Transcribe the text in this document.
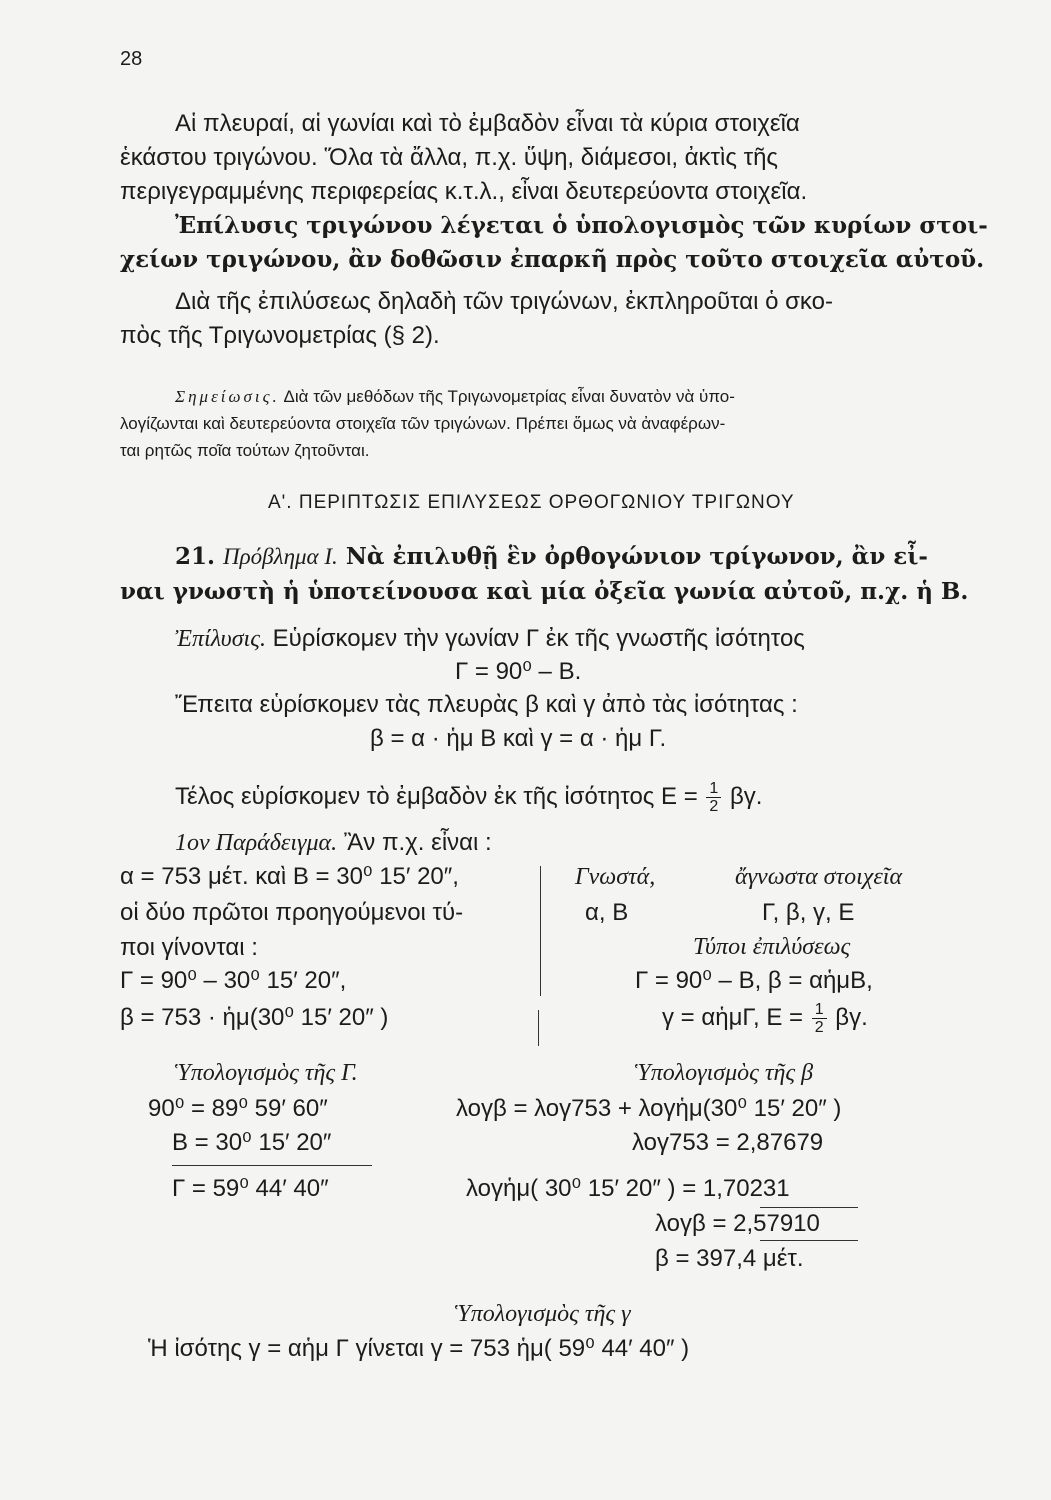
28
Αἱ πλευραί, αἱ γωνίαι καὶ τὸ ἐμβαδὸν εἶναι τὰ κύρια στοιχεῖα
ἑκάστου τριγώνου. Ὅλα τὰ ἄλλα, π.χ. ὕψη, διάμεσοι, ἀκτὶς τῆς
περιγεγραμμένης περιφερείας κ.τ.λ., εἶναι δευτερεύοντα στοιχεῖα.
Ἐπίλυσις τριγώνου λέγεται ὁ ὑπολογισμὸς τῶν κυρίων στοι-
χείων τριγώνου, ἂν δοθῶσιν ἐπαρκῆ πρὸς τοῦτο στοιχεῖα αὐτοῦ.
Διὰ τῆς ἐπιλύσεως δηλαδὴ τῶν τριγώνων, ἐκπληροῦται ὁ σκο-
πὸς τῆς Τριγωνομετρίας (§ 2).
Σημείωσις. Διὰ τῶν μεθόδων τῆς Τριγωνομετρίας εἶναι δυνατὸν νὰ ὑπο-
λογίζωνται καὶ δευτερεύοντα στοιχεῖα τῶν τριγώνων. Πρέπει ὅμως νὰ ἀναφέρων-
ται ρητῶς ποῖα τούτων ζητοῦνται.
Α'. ΠΕΡΙΠΤΩΣΙΣ ΕΠΙΛΥΣΕΩΣ ΟΡΘΟΓΩΝΙΟΥ ΤΡΙΓΩΝΟΥ
21. Πρόβλημα Ι. Νὰ ἐπιλυθῇ ἓν ὀρθογώνιον τρίγωνον, ἂν εἶ-
ναι γνωστὴ ἡ ὑποτείνουσα καὶ μία ὀξεῖα γωνία αὐτοῦ, π.χ. ἡ Β.
Ἐπίλυσις. Εὑρίσκομεν τὴν γωνίαν Γ ἐκ τῆς γνωστῆς ἰσότητος
Γ = 90⁰ – Β.
Ἔπειτα εὑρίσκομεν τὰς πλευρὰς β καὶ γ ἀπὸ τὰς ἰσότητας :
β = α · ἡμ Β καὶ γ = α · ἡμ Γ.
Τέλος εὑρίσκομεν τὸ ἐμβαδὸν ἐκ τῆς ἰσότητος $E = \frac{1}{2} \beta\gamma$.
1ον Παράδειγμα. Ἂν π.χ. εἶναι :
α = 753 μέτ. καὶ Β = 30⁰ 15′ 20″,
οἱ δύο πρῶτοι προηγούμενοι τύ-
ποι γίνονται :
Γ = 90⁰ – 30⁰ 15′ 20″,
β = 753 · ἡμ(30⁰ 15′ 20″ )
Γνωστά,	ἄγνωστα στοιχεῖα
α, Β	Γ, β, γ, Ε
Τύποι ἐπιλύσεως
Γ = 90⁰ – Β, β = αἡμΒ,
γ = αἡμΓ, $E = \frac{1}{2} \beta\gamma$.
Ὑπολογισμὸς τῆς Γ.
90⁰ = 89⁰ 59′ 60″
Β = 30⁰ 15′ 20″
Γ = 59⁰ 44′ 40″
Ὑπολογισμὸς τῆς β
λογβ = λογ753 + λογἡμ(30⁰ 15′ 20″ )
λογ753 = 2,87679
λογἡμ( 30⁰ 15′ 20″ ) = 1,70231
λογβ = 2,57910
β = 397,4 μέτ.
Ὑπολογισμὸς τῆς γ
Ἡ ἰσότης γ = αἡμ Γ γίνεται γ = 753 ἡμ( 59⁰ 44′ 40″ )
